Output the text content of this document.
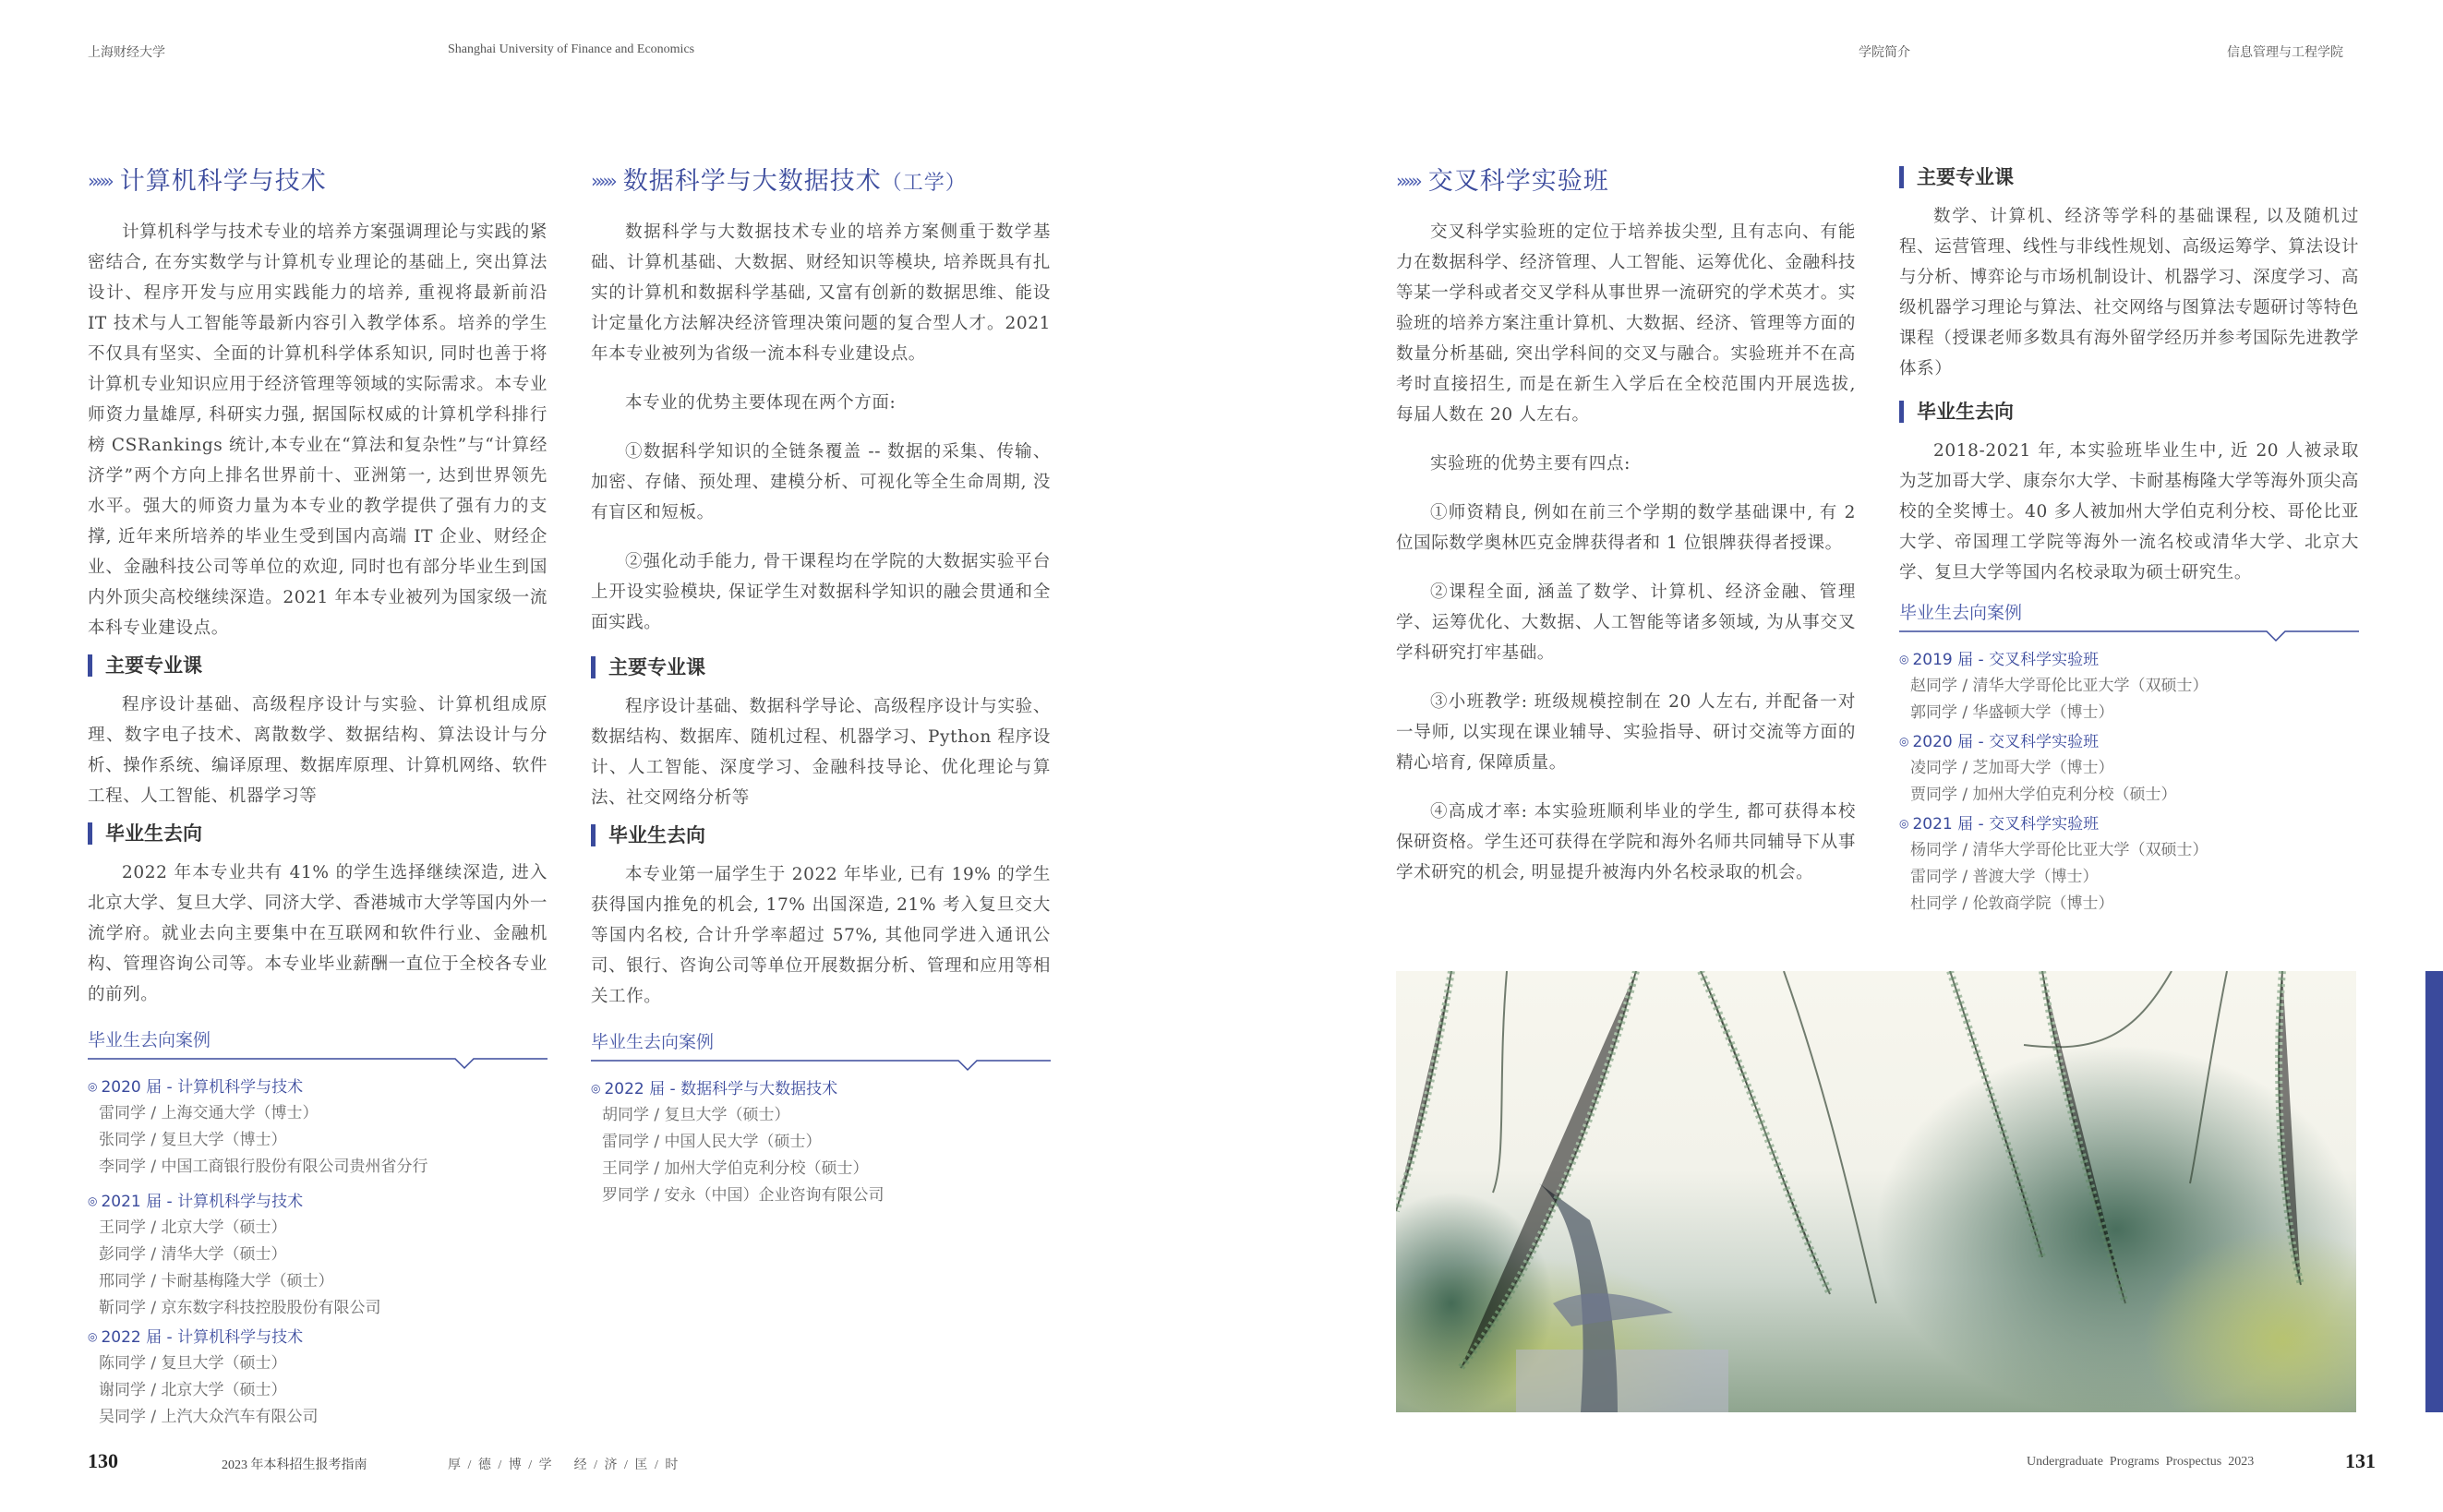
上海财经大学	Shanghai University of Finance and Economics	学院简介	信息管理与工程学院
»»» 计算机科学与技术

计算机科学与技术专业的培养方案强调理论与实践的紧密结合, 在夯实数学与计算机专业理论的基础上, 突出算法设计、程序开发与应用实践能力的培养, 重视将最新前沿 IT 技术与人工智能等最新内容引入教学体系。培养的学生不仅具有坚实、全面的计算机科学体系知识, 同时也善于将计算机专业知识应用于经济管理等领域的实际需求。本专业师资力量雄厚, 科研实力强, 据国际权威的计算机学科排行榜 CSRankings 统计,本专业在“算法和复杂性”与“计算经济学”两个方向上排名世界前十、亚洲第一, 达到世界领先水平。强大的师资力量为本专业的教学提供了强有力的支撑, 近年来所培养的毕业生受到国内高端 IT 企业、财经企业、金融科技公司等单位的欢迎, 同时也有部分毕业生到国内外顶尖高校继续深造。2021 年本专业被列为国家级一流本科专业建设点。

主要专业课

程序设计基础、高级程序设计与实验、计算机组成原理、数字电子技术、离散数学、数据结构、算法设计与分析、操作系统、编译原理、数据库原理、计算机网络、软件工程、人工智能、机器学习等

毕业生去向

2022 年本专业共有 41% 的学生选择继续深造, 进入北京大学、复旦大学、同济大学、香港城市大学等国内外一流学府。就业去向主要集中在互联网和软件行业、金融机构、管理咨询公司等。本专业毕业薪酬一直位于全校各专业的前列。

毕业生去向案例
◎ 2020 届 - 计算机科学与技术
雷同学 / 上海交通大学（博士）
张同学 / 复旦大学（博士）
李同学 / 中国工商银行股份有限公司贵州省分行
◎ 2021 届 - 计算机科学与技术
王同学 / 北京大学（硕士）
彭同学 / 清华大学（硕士）
邢同学 / 卡耐基梅隆大学（硕士）
靳同学 / 京东数字科技控股股份有限公司
◎ 2022 届 - 计算机科学与技术
陈同学 / 复旦大学（硕士）
谢同学 / 北京大学（硕士）
吴同学 / 上汽大众汽车有限公司
»»» 数据科学与大数据技术（工学）

数据科学与大数据技术专业的培养方案侧重于数学基础、计算机基础、大数据、财经知识等模块, 培养既具有扎实的计算机和数据科学基础, 又富有创新的数据思维、能设计定量化方法解决经济管理决策问题的复合型人才。2021 年本专业被列为省级一流本科专业建设点。

本专业的优势主要体现在两个方面:

①数据科学知识的全链条覆盖 -- 数据的采集、传输、加密、存储、预处理、建模分析、可视化等全生命周期, 没有盲区和短板。

②强化动手能力, 骨干课程均在学院的大数据实验平台上开设实验模块, 保证学生对数据科学知识的融会贯通和全面实践。

主要专业课

程序设计基础、数据科学导论、高级程序设计与实验、数据结构、数据库、随机过程、机器学习、Python 程序设计、人工智能、深度学习、金融科技导论、优化理论与算法、社交网络分析等

毕业生去向

本专业第一届学生于 2022 年毕业, 已有 19% 的学生获得国内推免的机会, 17% 出国深造, 21% 考入复旦交大等国内名校, 合计升学率超过 57%, 其他同学进入通讯公司、银行、咨询公司等单位开展数据分析、管理和应用等相关工作。

毕业生去向案例
◎ 2022 届 - 数据科学与大数据技术
胡同学 / 复旦大学（硕士）
雷同学 / 中国人民大学（硕士）
王同学 / 加州大学伯克利分校（硕士）
罗同学 / 安永（中国）企业咨询有限公司
»»» 交叉科学实验班

交叉科学实验班的定位于培养拔尖型, 且有志向、有能力在数据科学、经济管理、人工智能、运筹优化、金融科技等某一学科或者交叉学科从事世界一流研究的学术英才。实验班的培养方案注重计算机、大数据、经济、管理等方面的数量分析基础, 突出学科间的交叉与融合。实验班并不在高考时直接招生, 而是在新生入学后在全校范围内开展选拔, 每届人数在 20 人左右。

实验班的优势主要有四点:

①师资精良, 例如在前三个学期的数学基础课中, 有 2 位国际数学奥林匹克金牌获得者和 1 位银牌获得者授课。

②课程全面, 涵盖了数学、计算机、经济金融、管理学、运筹优化、大数据、人工智能等诸多领域, 为从事交叉学科研究打牢基础。

③小班教学: 班级规模控制在 20 人左右, 并配备一对一导师, 以实现在课业辅导、实验指导、研讨交流等方面的精心培育, 保障质量。

④高成才率: 本实验班顺利毕业的学生, 都可获得本校保研资格。学生还可获得在学院和海外名师共同辅导下从事学术研究的机会, 明显提升被海内外名校录取的机会。

主要专业课

数学、计算机、经济等学科的基础课程, 以及随机过程、运营管理、线性与非线性规划、高级运筹学、算法设计与分析、博弈论与市场机制设计、机器学习、深度学习、高级机器学习理论与算法、社交网络与图算法专题研讨等特色课程（授课老师多数具有海外留学经历并参考国际先进教学体系）

毕业生去向

2018-2021 年, 本实验班毕业生中, 近 20 人被录取为芝加哥大学、康奈尔大学、卡耐基梅隆大学等海外顶尖高校的全奖博士。40 多人被加州大学伯克利分校、哥伦比亚大学、帝国理工学院等海外一流名校或清华大学、北京大学、复旦大学等国内名校录取为硕士研究生。

毕业生去向案例
◎ 2019 届 - 交叉科学实验班
赵同学 / 清华大学哥伦比亚大学（双硕士）
郭同学 / 华盛顿大学（博士）
◎ 2020 届 - 交叉科学实验班
凌同学 / 芝加哥大学（博士）
贾同学 / 加州大学伯克利分校（硕士）
◎ 2021 届 - 交叉科学实验班
杨同学 / 清华大学哥伦比亚大学（双硕士）
雷同学 / 普渡大学（博士）
杜同学 / 伦敦商学院（博士）
130	2023 年本科招生报考指南	厚 / 德 / 博 / 学    经 / 济 / 匡 / 时	Undergraduate  Programs  Prospectus  2023	131
